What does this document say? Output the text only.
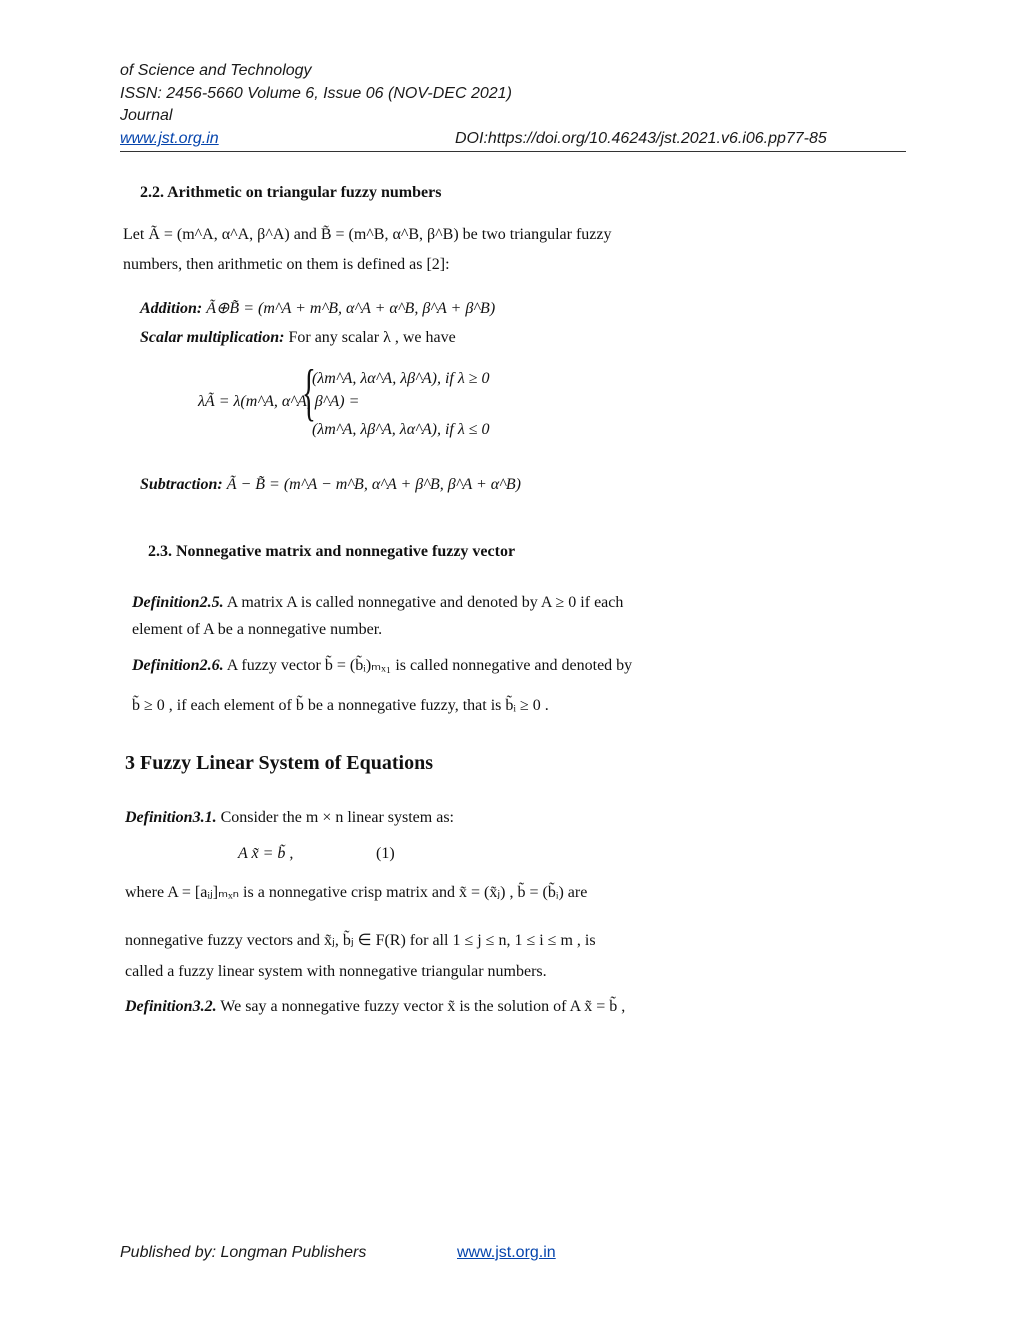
of Science and Technology
ISSN: 2456-5660 Volume 6, Issue 06 (NOV-DEC 2021)
Journal
www.jst.org.in	DOI:https://doi.org/10.46243/jst.2021.v6.i06.pp77-85
2.2. Arithmetic on triangular fuzzy numbers
Let Ã = (m^A, α^A, β^A) and B̃ = (m^B, α^B, β^B) be two triangular fuzzy
numbers, then arithmetic on them is defined as [2]:
Addition: Ã⊕B̃ = (m^A + m^B, α^A + α^B, β^A + β^B)
Scalar multiplication: For any scalar λ , we have
λÃ = λ(m^A, α^A, β^A) =
{
(λm^A, λα^A, λβ^A), if λ ≥ 0
(λm^A, λβ^A, λα^A), if λ ≤ 0
Subtraction: Ã − B̃ = (m^A − m^B, α^A + β^B, β^A + α^B)
2.3. Nonnegative matrix and nonnegative fuzzy vector
Definition2.5. A matrix A is called nonnegative and denoted by A ≥ 0 if each
element of A be a nonnegative number.
Definition2.6. A fuzzy vector b̃ = (b̃ᵢ)ₘₓ₁ is called nonnegative and denoted by
b̃ ≥ 0 , if each element of b̃ be a nonnegative fuzzy, that is b̃ᵢ ≥ 0 .
3 Fuzzy Linear System of Equations
Definition3.1. Consider the m × n linear system as:
A x̃ = b̃ ,	(1)
where A = [aᵢⱼ]ₘₓₙ is a nonnegative crisp matrix and x̃ = (x̃ⱼ) , b̃ = (b̃ᵢ) are
nonnegative fuzzy vectors and x̃ⱼ, b̃ⱼ ∈ F(R) for all 1 ≤ j ≤ n, 1 ≤ i ≤ m , is
called a fuzzy linear system with nonnegative triangular numbers.
Definition3.2. We say a nonnegative fuzzy vector x̃ is the solution of A x̃ = b̃ ,
Published by: Longman Publishers	www.jst.org.in
